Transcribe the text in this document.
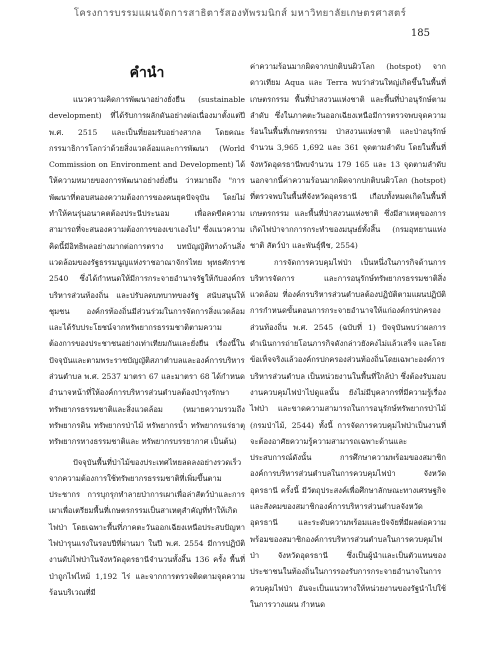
โครงการบรรมแผนจัดการสาธิตารัสองทัพรมนิกส์ มหาวิทยาลัยเกษตรศาสตร์
185
คำนำ

แนวความคิดการพัฒนาอย่างยั่งยืน (sustainable development) ที่ได้รับการผลักดันอย่างต่อเนื่องมาตั้งแต่ปี พ.ศ. 2515 และเป็นที่ยอมรับอย่างสากล โดยคณะกรรมาธิการโลกว่าด้วยสิ่งแวดล้อมและการพัฒนา (World Commission on Environment and Development) ได้ให้ความหมายของการพัฒนาอย่างยั่งยืน ว่าหมายถึง "การพัฒนาที่ตอบสนองความต้องการของคนยุคปัจจุบัน โดยไม่ทำให้คนรุ่นอนาคตต้องประนีประนอม เพื่อลดขีดความสามารถที่จะสนองความต้องการของเขาเองไป" ซึ่งแนวความคิดนี้มีอิทธิพลอย่างมากต่อการตราง บทบัญญัติทางด้านสิ่งแวดล้อมของรัฐธรรมนูญแห่งราชอาณาจักรไทย พุทธศักราช 2540 ซึ่งได้กำหนดให้มีการกระจายอำนาจรัฐให้กับองค์กรบริหารส่วนท้องถิ่น และปรับลดบทบาทของรัฐ สนับสนุนให้ชุมชน องค์กรท้องถิ่นมีส่วนร่วมในการจัดการสิ่งแวดล้อม และได้รับประโยชน์จากทรัพยากรธรรมชาติตามความต้องการของประชาชนอย่างเท่าเทียมกันและยั่งยืน เรื่องนี้ในปัจจุบันและตามพระราชบัญญัติสภาตำบลและองค์การบริหารส่วนตำบล พ.ศ. 2537 มาตรา 67 และมาตรา 68 ได้กำหนดอำนาจหน้าที่ให้องค์การบริหารส่วนตำบลต้องบำรุงรักษาทรัพยากรธรรมชาติและสิ่งแวดล้อม (หมายความรวมถึง ทรัพยากรดิน ทรัพยากรป่าไม้ ทรัพยากรน้ำ ทรัพยากรแร่ธาตุ ทรัพยากรทางธรรมชาติและ ทรัพยากรบรรยากาศ เป็นต้น)

ปัจจุบันพื้นที่ป่าไม้ของประเทศไทยลดลงอย่างรวดเร็วจากความต้องการใช้ทรัพยากรธรรมชาติที่เพิ่มขึ้นตามประชากร การบุกรุกทำลายป่าการเผาเพื่อล่าสัตว์ป่าและการเผาเพื่อเตรียมพื้นที่เกษตรกรรมเป็นสาเหตุสำคัญที่ทำให้เกิดไฟป่า โดยเฉพาะพื้นที่ภาคตะวันออกเฉียงเหนือประสบปัญหาไฟป่ารุนแรงในรอบปีที่ผ่านมา ในปี พ.ศ. 2554 มีการปฏิบัติงานดับไฟป่าในจังหวัดอุดรธานีจำนวนทั้งสิ้น 136 ครั้ง พื้นที่ป่าถูกไฟไหม้ 1,192 ไร่ และจากการตรวจติดตามจุดความร้อนบริเวณที่มี

ค่าความร้อนมากผิดจากปกติบนผิวโลก (hotspot) จากดาวเทียม Aqua และ Terra พบว่าส่วนใหญ่เกิดขึ้นในพื้นที่เกษตรกรรม พื้นที่ป่าสงวนแห่งชาติ และพื้นที่ป่าอนุรักษ์ตามลำดับ ซึ่งในภาคตะวันออกเฉียงเหนือมีการตรวจพบจุดความร้อนในพื้นที่เกษตรกรรม ป่าสงวนแห่งชาติ และป่าอนุรักษ์ จำนวน 3,965 1,692 และ 361 จุดตามลำดับ โดยในพื้นที่จังหวัดอุดรธานีพบจำนวน 179 165 และ 13 จุดตามลำดับ นอกจากนี้ค่าความร้อนมากผิดจากปกติบนผิวโลก (hotspot) ที่ตรวจพบในพื้นที่จังหวัดอุดรธานี เกือบทั้งหมดเกิดในพื้นที่เกษตรกรรม และพื้นที่ป่าสงวนแห่งชาติ ซึ่งมีสาเหตุของการเกิดไฟป่าจากการกระทำของมนุษย์ทั้งสิ้น (กรมอุทยานแห่งชาติ สัตว์ป่า และพันธุ์พืช, 2554)

การจัดการควบคุมไฟป่า เป็นหนึ่งในภารกิจด้านการบริหารจัดการ และการอนุรักษ์ทรัพยากรธรรมชาติสิ่งแวดล้อม ที่องค์กรบริหารส่วนตำบลต้องปฏิบัติตามแผนปฏิบัติการกำหนดขั้นตอนการกระจายอำนาจให้แก่องค์กรปกครองส่วนท้องถิ่น พ.ศ. 2545 (ฉบับที่ 1) ปัจจุบันพบว่าผลการดำเนินการถ่ายโอนภารกิจดังกล่าวยังคงไม่แล้วเสร็จ และโดยข้อเท็จจริงแล้วองค์กรปกครองส่วนท้องถิ่นโดยเฉพาะองค์การบริหารส่วนตำบล เป็นหน่วยงานในพื้นที่ใกล้ป่า ซึ่งต้องรับมอบงานควบคุมไฟป่าไปดูแลนั้น ยังไม่มีบุคลากรที่มีความรู้เรื่องไฟป่า และขาดความสามารถในการอนุรักษ์ทรัพยากรป่าไม้ (กรมป่าไม้, 2544) ทั้งนี้ การจัดการควบคุมไฟป่าเป็นงานที่จะต้องอาศัยความรู้ความสามารถเฉพาะด้านและประสบการณ์ดังนั้น การศึกษาความพร้อมของสมาชิกองค์การบริหารส่วนตำบลในการควบคุมไฟป่า จังหวัดอุดรธานี ครั้งนี้ มีวัตถุประสงค์เพื่อศึกษาลักษณะทางเศรษฐกิจและสังคมของสมาชิกองค์การบริหารส่วนตำบลจังหวัดอุดรธานี และระดับความพร้อมและปัจจัยที่มีผลต่อความพร้อมของสมาชิกองค์การบริหารส่วนตำบลในการควบคุมไฟป่า จังหวัดอุดรธานี ซึ่งเป็นผู้นำและเป็นตัวแทนของประชาชนในท้องถิ่นในการรองรับการกระจายอำนาจในการควบคุมไฟป่า อันจะเป็นแนวทางให้หน่วยงานของรัฐนำไปใช้ในการวางแผน กำหนด
